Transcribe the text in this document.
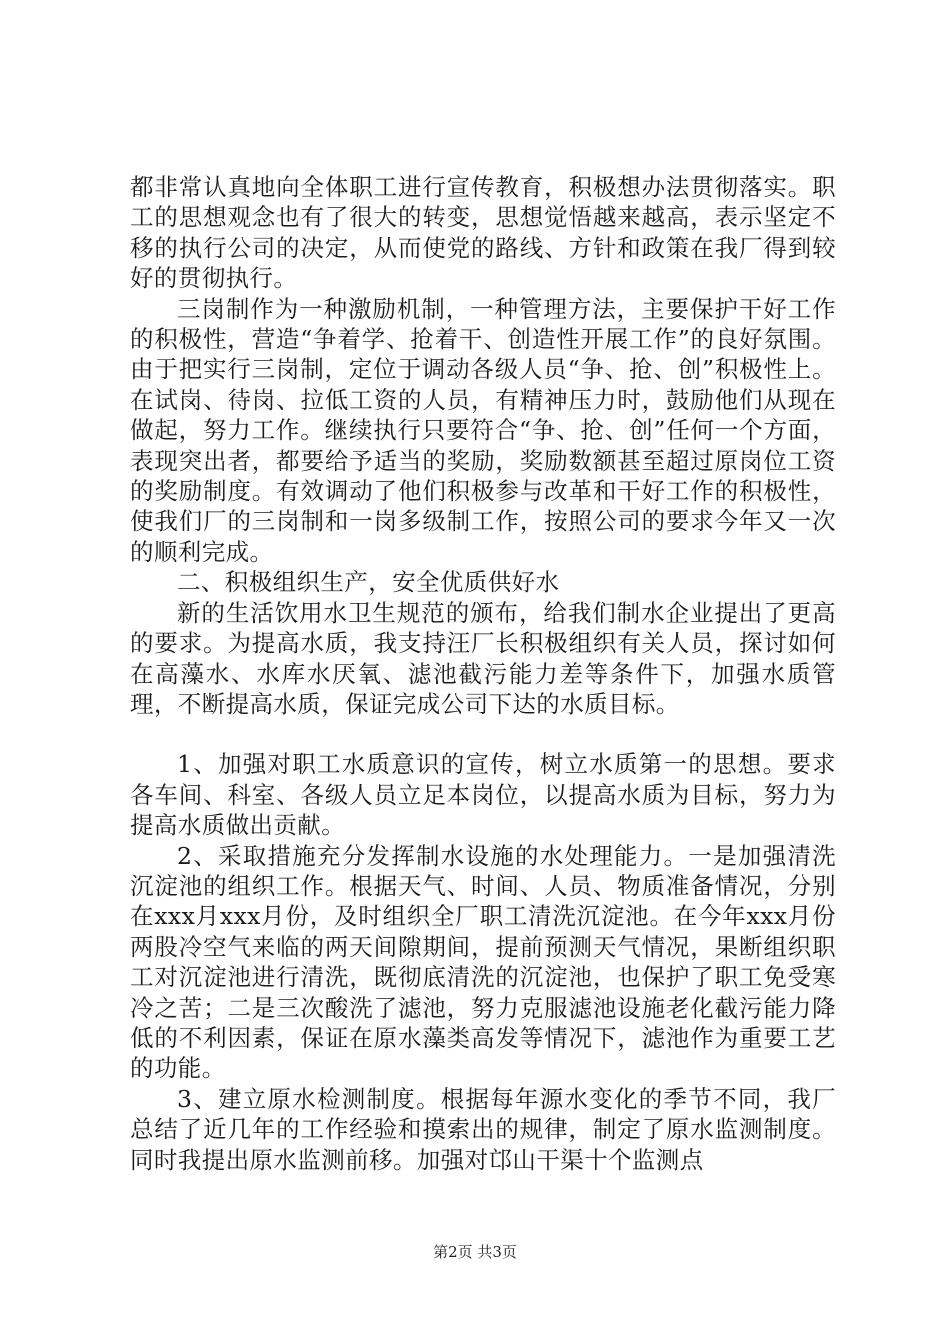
都非常认真地向全体职工进行宣传教育，积极想办法贯彻落实。职工的思想观念也有了很大的转变，思想觉悟越来越高，表示坚定不移的执行公司的决定，从而使党的路线、方针和政策在我厂得到较好的贯彻执行。

三岗制作为一种激励机制，一种管理方法，主要保护干好工作的积极性，营造“争着学、抢着干、创造性开展工作”的良好氛围。由于把实行三岗制，定位于调动各级人员“争、抢、创”积极性上。在试岗、待岗、拉低工资的人员，有精神压力时，鼓励他们从现在做起，努力工作。继续执行只要符合“争、抢、创”任何一个方面，表现突出者，都要给予适当的奖励，奖励数额甚至超过原岗位工资的奖励制度。有效调动了他们积极参与改革和干好工作的积极性，使我们厂的三岗制和一岗多级制工作，按照公司的要求今年又一次的顺利完成。

二、积极组织生产，安全优质供好水

新的生活饮用水卫生规范的颁布，给我们制水企业提出了更高的要求。为提高水质，我支持汪厂长积极组织有关人员，探讨如何在高藻水、水库水厌氧、滤池截污能力差等条件下，加强水质管理，不断提高水质，保证完成公司下达的水质目标。

1、加强对职工水质意识的宣传，树立水质第一的思想。要求各车间、科室、各级人员立足本岗位，以提高水质为目标，努力为提高水质做出贡献。

2、采取措施充分发挥制水设施的水处理能力。一是加强清洗沉淀池的组织工作。根据天气、时间、人员、物质准备情况，分别在xxx月xxx月份，及时组织全厂职工清洗沉淀池。在今年xxx月份两股冷空气来临的两天间隙期间，提前预测天气情况，果断组织职工对沉淀池进行清洗，既彻底清洗的沉淀池，也保护了职工免受寒冷之苦；二是三次酸洗了滤池，努力克服滤池设施老化截污能力降低的不利因素，保证在原水藻类高发等情况下，滤池作为重要工艺的功能。

3、建立原水检测制度。根据每年源水变化的季节不同，我厂总结了近几年的工作经验和摸索出的规律，制定了原水监测制度。同时我提出原水监测前移。加强对邙山干渠十个监测点

第2页 共3页
